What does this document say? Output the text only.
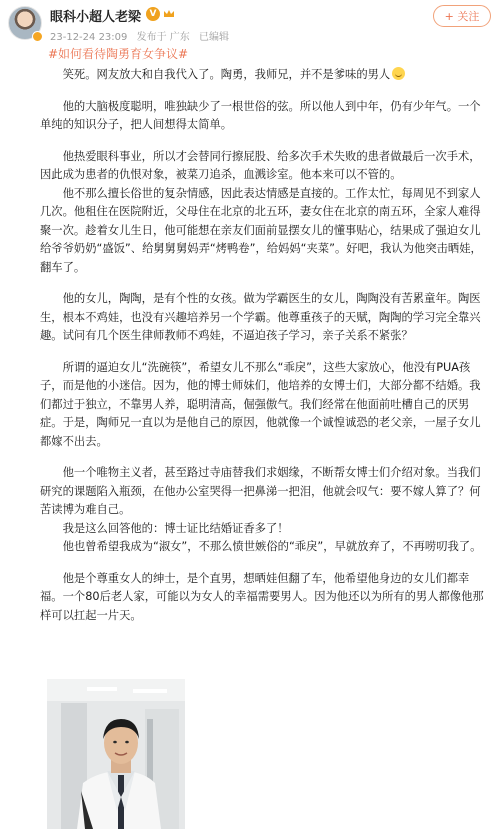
眼科小超人老梁 V
23-12-24 23:09 发布于 广东 已编辑
+ 关注
#如何看待陶勇育女争议#

笑死。网友放大和自我代入了。陶勇，我师兄，并不是爹味的男人

他的大脑极度聪明，唯独缺少了一根世俗的弦。所以他人到中年，仍有少年气。一个单纯的知识分子，把人间想得太简单。

他热爱眼科事业，所以才会替同行擦屁股、给多次手术失败的患者做最后一次手术，因此成为患者的仇恨对象，被菜刀追杀，血溅诊室。他本来可以不管的。

他不那么擅长俗世的复杂情感，因此表达情感是直接的。工作太忙，每周见不到家人几次。他租住在医院附近，父母住在北京的北五环，妻女住在北京的南五环，全家人难得聚一次。趁着女儿生日，他可能想在亲友们面前显摆女儿的懂事贴心，结果成了强迫女儿给爷爷奶奶“盛饭”、给舅舅舅妈弄“烤鸭卷”，给妈妈“夹菜”。好吧，我认为他突击晒娃，翻车了。

他的女儿，陶陶，是有个性的女孩。做为学霸医生的女儿，陶陶没有苦累童年。陶医生，根本不鸡娃，也没有兴趣培养另一个学霸。他尊重孩子的天赋，陶陶的学习完全靠兴趣。试问有几个医生律师教师不鸡娃，不逼迫孩子学习，亲子关系不紧张？

所谓的逼迫女儿“洗碗筷”，希望女儿不那么“乖戾”，这些大家放心，他没有PUA孩子，而是他的小迷信。因为，他的博士师妹们，他培养的女博士们，大部分都不结婚。我们都过于独立，不靠男人养，聪明清高，倔强傲气。我们经常在他面前吐槽自己的厌男症。于是，陶师兄一直以为是他自己的原因，他就像一个诚惶诚恐的老父亲，一屋子女儿都嫁不出去。

他一个唯物主义者，甚至路过寺庙替我们求姻缘，不断帮女博士们介绍对象。当我们研究的课题陷入瓶颈，在他办公室哭得一把鼻涕一把泪，他就会叹气：要不嫁人算了？何苦读博为难自己。

我是这么回答他的：博士证比结婚证香多了！

他也曾希望我成为“淑女”，不那么愤世嫉俗的“乖戾”，早就放弃了，不再唠叨我了。

他是个尊重女人的绅士，是个直男，想晒娃但翻了车，他希望他身边的女儿们都幸福。一个80后老人家，可能以为女人的幸福需要男人。因为他还以为所有的男人都像他那样可以扛起一片天。
